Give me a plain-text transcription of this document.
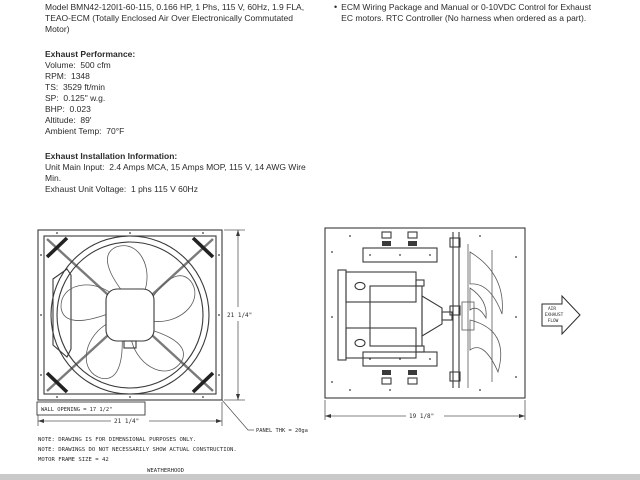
Model BMN42-120I1-60-115, 0.166 HP, 1 Phs, 115 V, 60Hz, 1.9 FLA,
TEAO-ECM (Totally Enclosed Air Over Electronically Commutated
Motor)
Exhaust Performance:
Volume:  500 cfm
RPM:  1348
TS:  3529 ft/min
SP:  0.125" w.g.
BHP:  0.023
Altitude:  89'
Ambient Temp:  70°F
Exhaust Installation Information:
Unit Main Input:  2.4 Amps MCA, 15 Amps MOP, 115 V, 14 AWG Wire
Min.
Exhaust Unit Voltage:  1 phs 115 V 60Hz
• ECM Wiring Package and Manual or 0-10VDC Control for Exhaust
EC motors. RTC Controller (No harness when ordered as a part).
21 1/4"
21 1/4"
WALL OPENING = 17 1/2"
PANEL THK = 20ga
AIR
EXHAUST
FLOW
19 1/8"
NOTE: DRAWING IS FOR DIMENSIONAL PURPOSES ONLY.
NOTE: DRAWINGS DO NOT NECESSARILY SHOW ACTUAL CONSTRUCTION.
MOTOR FRAME SIZE = 42
WEATHERHOOD
